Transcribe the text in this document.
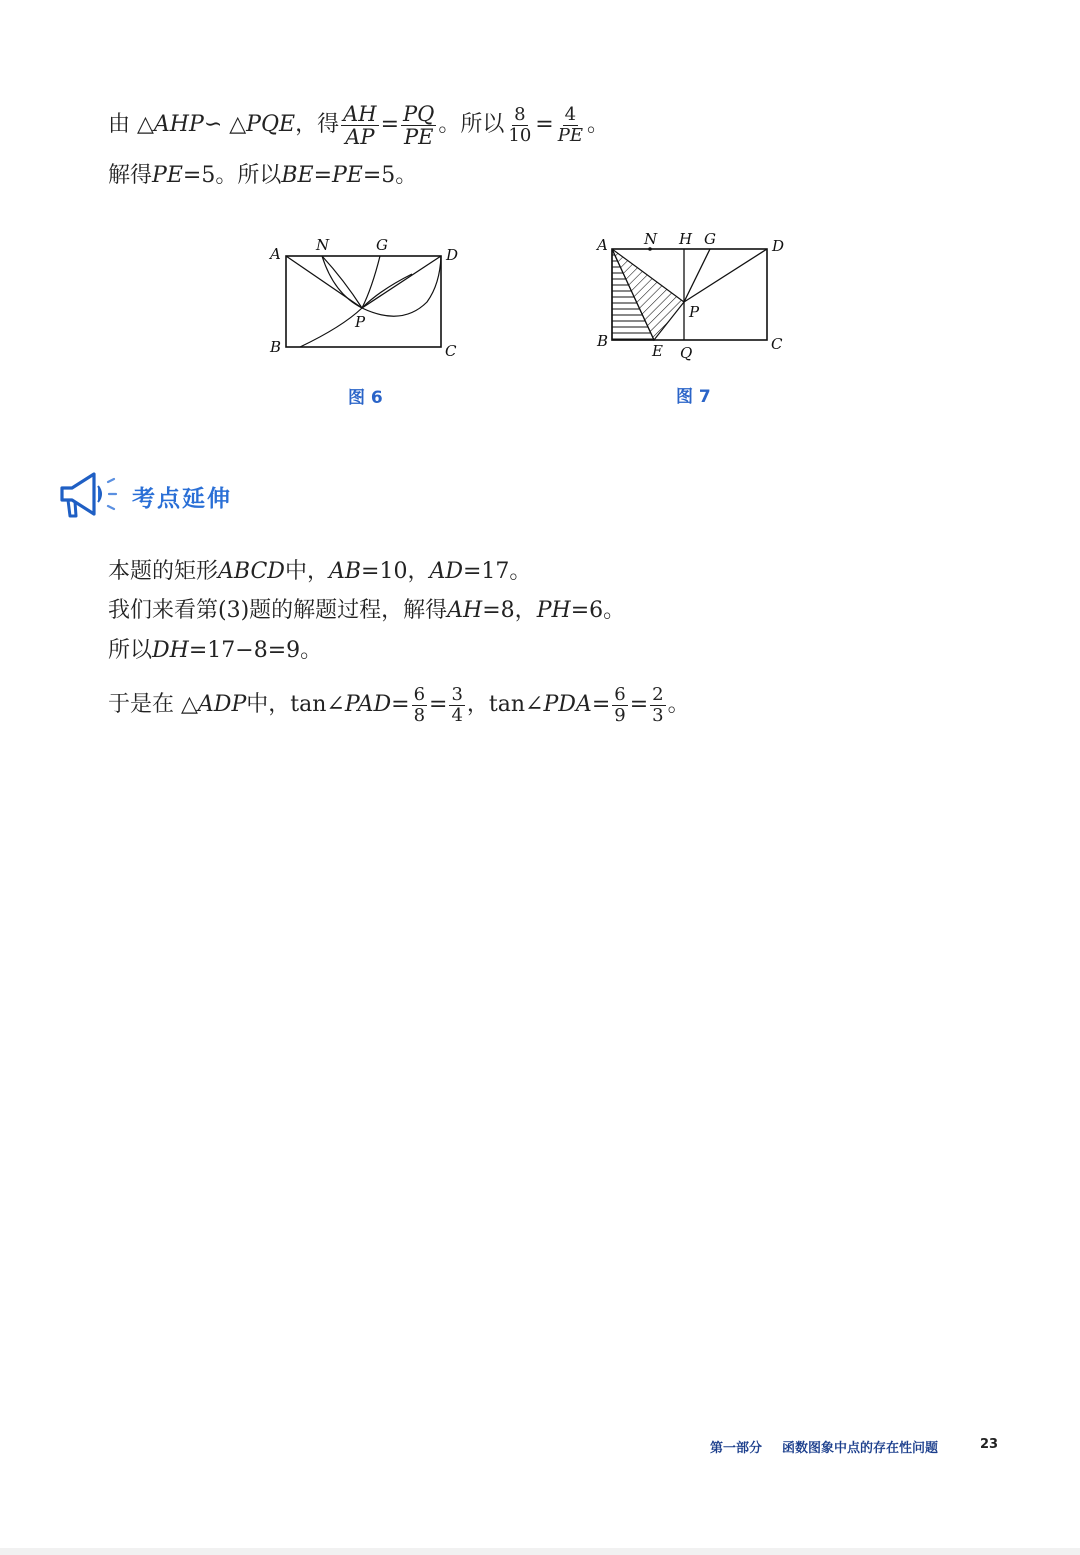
由 △ AHP ∽ △ PQE ，得 $\frac{AH}{AP} = \frac{PQ}{PE}$ 。所以 $\frac{8}{10} = \frac{4}{PE}$ 。
解得 PE =5。所以 BE = PE =5。
A N	G
D
P
B	C
图 6
A N H G	D
P
B
E Q	C
图 7
考点延伸
本题的矩形 ABCD 中， AB =10， AD =17。
我们来看第(3)题的解题过程，解得 AH =8， PH =6。
所以 DH =17−8=9。
于是在 △ ADP 中，tan∠ PAD = $\frac{6}{8} = \frac{3}{4}$ ，tan∠ PDA = $\frac{6}{9} = \frac{2}{3}$ 。
第一部分 函数图象中点的存在性问题	23
